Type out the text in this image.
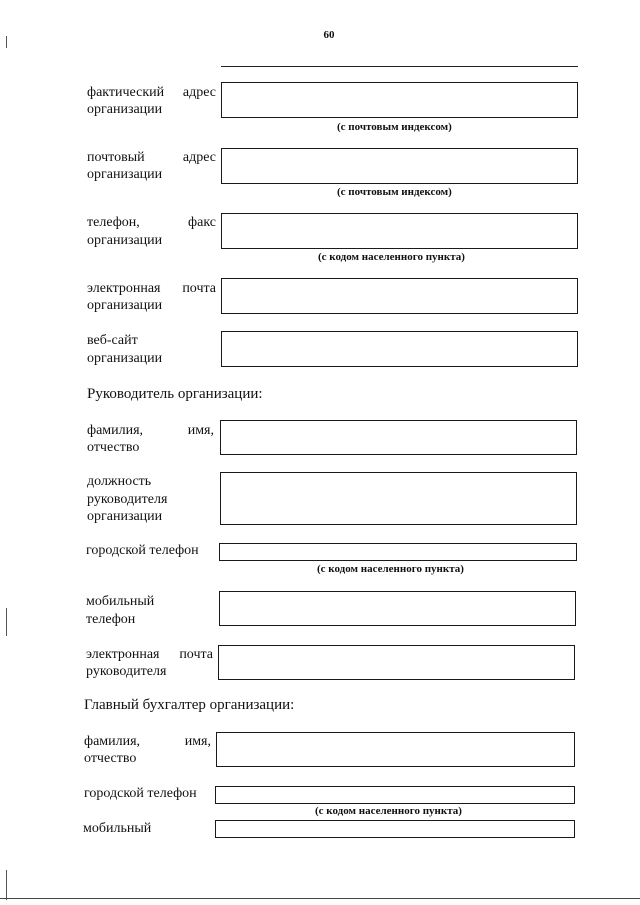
60
фактический адрес
организации
(с почтовым индексом)
почтовый адрес
организации
(с почтовым индексом)
телефон, факс
организации
(с кодом населенного пункта)
электронная почта
организации
веб-сайт
организации
Руководитель организации:
фамилия, имя,
отчество
должность
руководителя
организации
городской телефон
(с кодом населенного пункта)
мобильный
телефон
электронная почта
руководителя
Главный бухгалтер организации:
фамилия, имя,
отчество
городской телефон
(с кодом населенного пункта)
мобильный
